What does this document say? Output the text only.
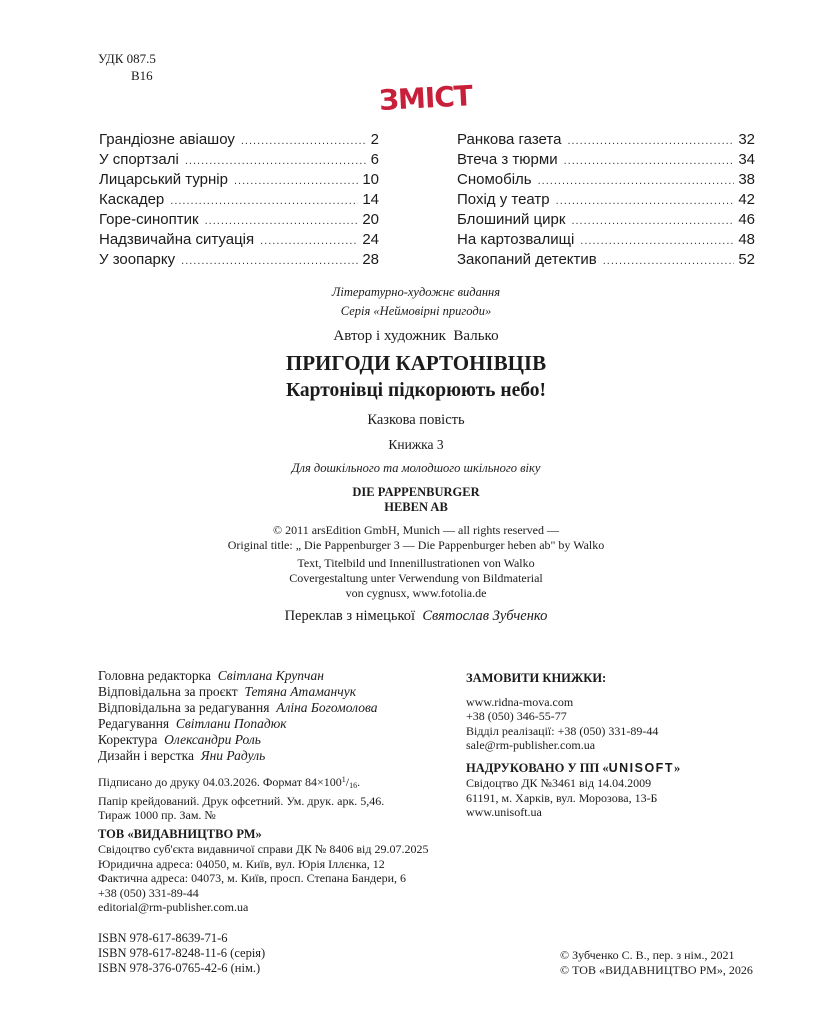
УДК 087.5
В16
ЗМІСТ
Грандіозне авіашоу .....	2
У спортзалі .....	6
Лицарський турнір .....	10
Каскадер .....	14
Горе-синоптик .....	20
Надзвичайна ситуація .....	24
У зоопарку .....	28
Ранкова газета .....	32
Втеча з тюрми .....	34
Сномобіль .....	38
Похід у театр .....	42
Блошиний цирк .....	46
На картозвалищі .....	48
Закопаний детектив .....	52
Літературно-художнє видання
Серія «Неймовірні пригоди»
Автор і художник  Валько
ПРИГОДИ КАРТОНІВЦІВ
Картонівці підкорюють небо!
Казкова повість
Книжка 3
Для дошкільного та молодшого шкільного віку
DIE PAPPENBURGER
HEBEN AB
© 2011 arsEdition GmbH, Munich — all rights reserved —
Original title: „ Die Pappenburger 3 — Die Pappenburger heben ab" by Walko
Text, Titelbild und Innenillustrationen von Walko
Covergestaltung unter Verwendung von Bildmaterial
von cygnusx, www.fotolia.de
Переклав з німецької Святослав Зубченко
Головна редакторка Світлана Крупчан
Відповідальна за проєкт Тетяна Атаманчук
Відповідальна за редагування Аліна Богомолова
Редагування Світлани Попадюк
Коректура Олександри Роль
Дизайн і верстка Яни Радуль
Підписано до друку 04.03.2026. Формат $84\times 100^1/_{16}$.
Папір крейдований. Друк офсетний. Ум. друк. арк. 5,46.
Тираж 1000 пр. Зам. №
ТОВ «ВИДАВНИЦТВО РМ»
Свідоцтво суб'єкта видавничої справи ДК № 8406 від 29.07.2025
Юридична адреса: 04050, м. Київ, вул. Юрія Іллєнка, 12
Фактична адреса: 04073, м. Київ, просп. Степана Бандери, 6
+38 (050) 331-89-44
editorial@rm-publisher.com.ua
ISBN 978-617-8639-71-6
ISBN 978-617-8248-11-6 (серія)
ISBN 978-376-0765-42-6 (нім.)
ЗАМОВИТИ КНИЖКИ:
www.ridna-mova.com
+38 (050) 346-55-77
Відділ реалізації: +38 (050) 331-89-44
sale@rm-publisher.com.ua
НАДРУКОВАНО У ПП «UNISOFT»
Свідоцтво ДК №3461 від 14.04.2009
61191, м. Харків, вул. Морозова, 13-Б
www.unisoft.ua
© Зубченко С. В., пер. з нім., 2021
© ТОВ «ВИДАВНИЦТВО РМ», 2026
